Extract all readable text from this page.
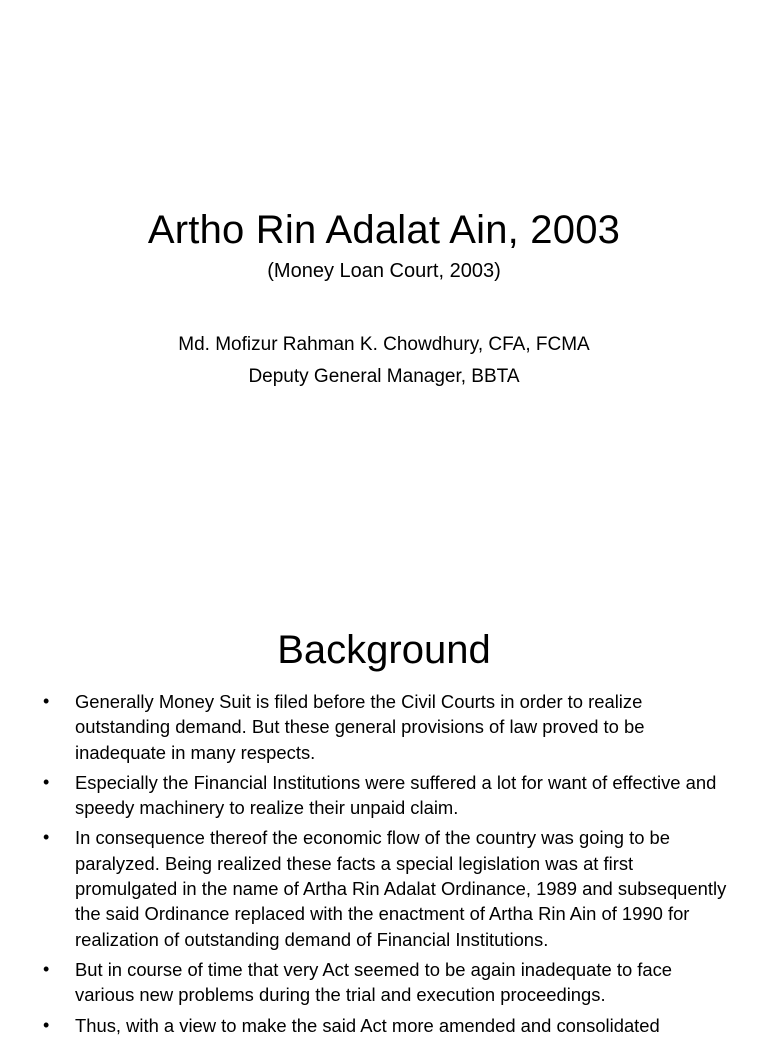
Artho Rin Adalat Ain, 2003
(Money Loan Court, 2003)
Md. Mofizur Rahman K. Chowdhury, CFA, FCMA
Deputy General Manager, BBTA
Background
• Generally Money Suit is filed before the Civil Courts in order to realize outstanding demand. But these general provisions of law proved to be inadequate in many respects.
• Especially the Financial Institutions were suffered a lot for want of effective and speedy machinery to realize their unpaid claim.
• In consequence thereof the economic flow of the country was going to be paralyzed. Being realized these facts a special legislation was at first promulgated in the name of Artha Rin Adalat Ordinance, 1989 and subsequently the said Ordinance replaced with the enactment of Artha Rin Ain of 1990 for realization of outstanding demand of Financial Institutions.
• But in course of time that very Act seemed to be again inadequate to face various new problems during the trial and execution proceedings.
• Thus, with a view to make the said Act more amended and consolidated
